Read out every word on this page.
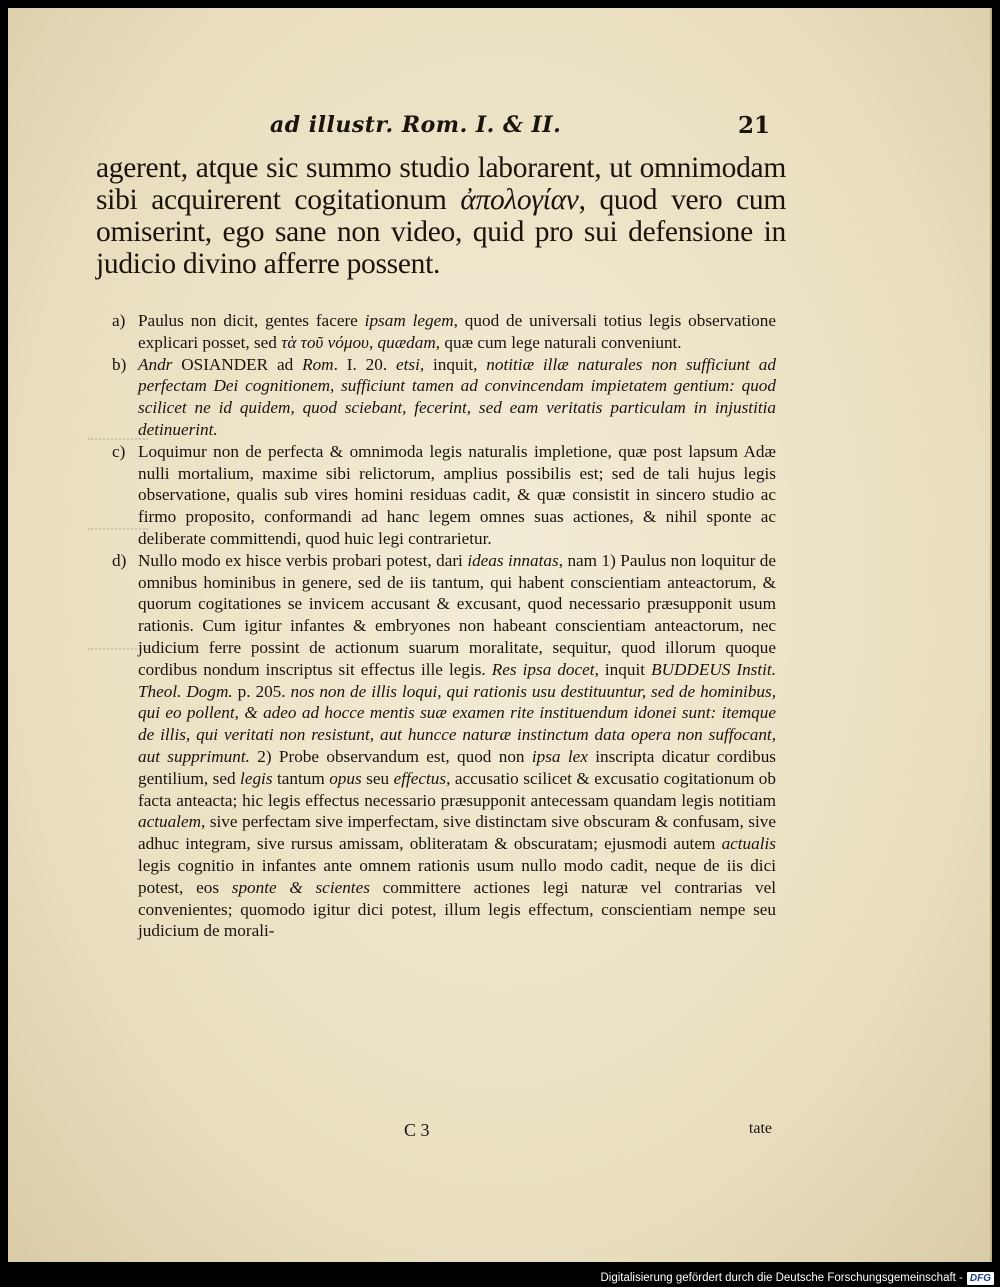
ad illustr. Rom. I. & II.	21

agerent, atque sic summo studio laborarent, ut omnimodam sibi acquirerent cogitationum ἀπολογίαν, quod vero cum omiserint, ego sane non video, quid pro sui defensione in judicio divino afferre possent.

a) Paulus non dicit, gentes facere ipsam legem, quod de universali totius legis observatione explicari posset, sed τὰ τοῦ νόμου, quædam, quæ cum lege naturali conveniunt.

b) Andr OSIANDER ad Rom. I. 20. etsi, inquit, notitiæ illæ naturales non sufficiunt ad perfectam Dei cognitionem, sufficiunt tamen ad convincendam impietatem gentium: quod scilicet ne id quidem, quod sciebant, fecerint, sed eam veritatis particulam in injustitia detinuerint.

c) Loquimur non de perfecta & omnimoda legis naturalis impletione, quæ post lapsum Adæ nulli mortalium, maxime sibi relictorum, amplius possibilis est; sed de tali hujus legis observatione, qualis sub vires homini residuas cadit, & quæ consistit in sincero studio ac firmo proposito, conformandi ad hanc legem omnes suas actiones, & nihil sponte ac deliberate committendi, quod huic legi contrarietur.

d) Nullo modo ex hisce verbis probari potest, dari ideas innatas, nam 1) Paulus non loquitur de omnibus hominibus in genere, sed de iis tantum, qui habent conscientiam anteactorum, & quorum cogitationes se invicem accusant & excusant, quod necessario præsupponit usum rationis. Cum igitur infantes & embryones non habeant conscientiam anteactorum, nec judicium ferre possint de actionum suarum moralitate, sequitur, quod illorum quoque cordibus nondum inscriptus sit effectus ille legis. Res ipsa docet, inquit BUDDEUS Instit. Theol. Dogm. p. 205. nos non de illis loqui, qui rationis usu destituuntur, sed de hominibus, qui eo pollent, & adeo ad hocce mentis suæ examen rite instituendum idonei sunt: itemque de illis, qui veritati non resistunt, aut huncce naturæ instinctum data opera non suffocant, aut supprimunt. 2) Probe observandum est, quod non ipsa lex inscripta dicatur cordibus gentilium, sed legis tantum opus seu effectus, accusatio scilicet & excusatio cogitationum ob facta anteacta; hic legis effectus necessario præsupponit antecessam quandam legis notitiam actualem, sive perfectam sive imperfectam, sive distinctam sive obscuram & confusam, sive adhuc integram, sive rursus amissam, obliteratam & obscuratam; ejusmodi autem actualis legis cognitio in infantes ante omnem rationis usum nullo modo cadit, neque de iis dici potest, eos sponte & scientes committere actiones legi naturæ vel contrarias vel convenientes; quomodo igitur dici potest, illum legis effectum, conscientiam nempe seu judicium de morali-

C 3	tate
Digitalisierung gefördert durch die Deutsche Forschungsgemeinschaft - DFG
